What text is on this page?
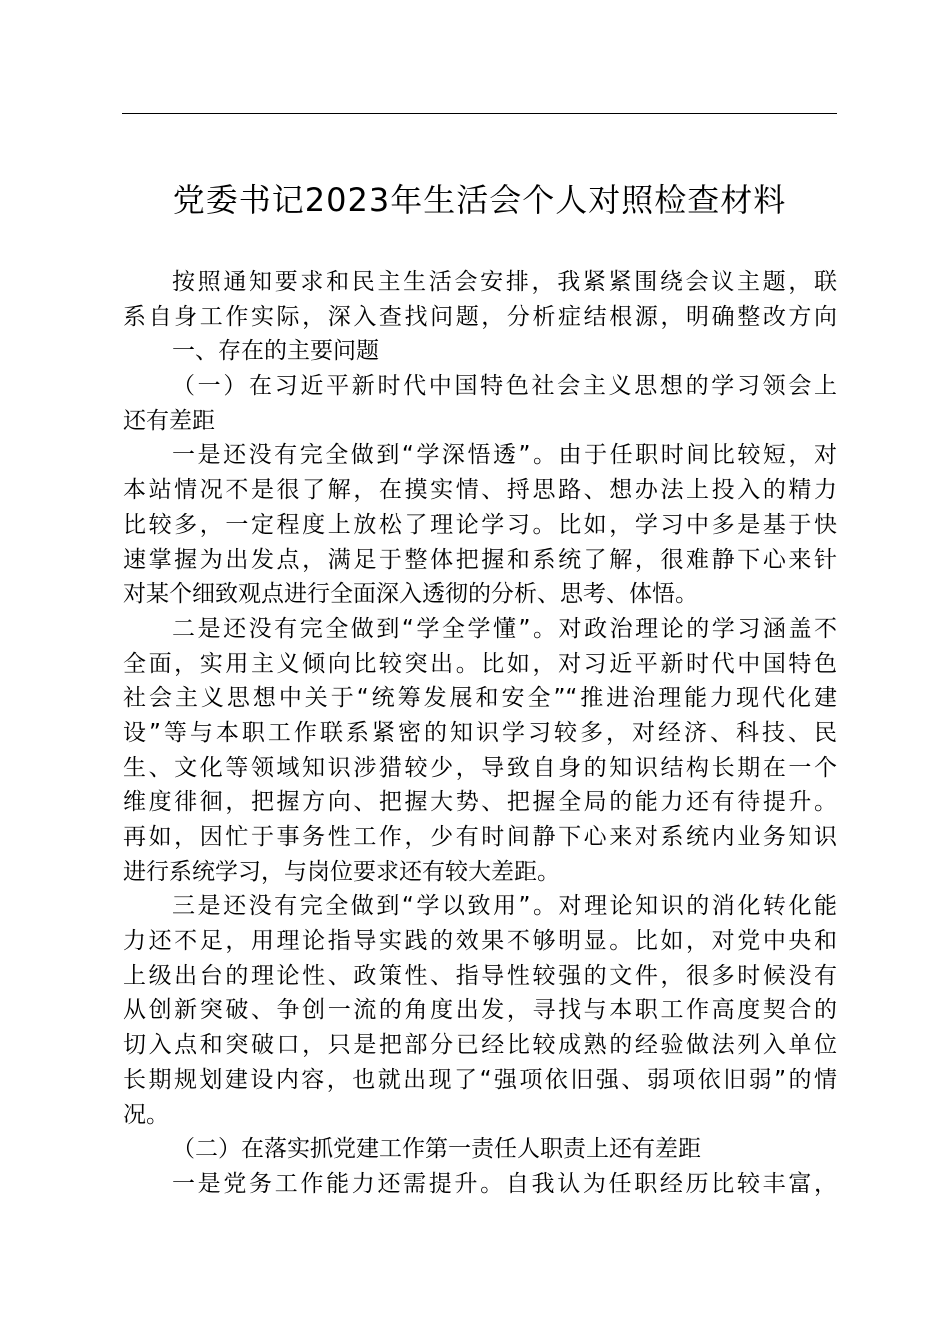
党委书记2023年生活会个人对照检查材料
按照通知要求和民主生活会安排，我紧紧围绕会议主题，联
系自身工作实际，深入查找问题，分析症结根源，明确整改方向
一、存在的主要问题
（一）在习近平新时代中国特色社会主义思想的学习领会上
还有差距
一是还没有完全做到“学深悟透”。由于任职时间比较短，对
本站情况不是很了解，在摸实情、捋思路、想办法上投入的精力
比较多，一定程度上放松了理论学习。比如，学习中多是基于快
速掌握为出发点，满足于整体把握和系统了解，很难静下心来针
对某个细致观点进行全面深入透彻的分析、思考、体悟。
二是还没有完全做到“学全学懂”。对政治理论的学习涵盖不
全面，实用主义倾向比较突出。比如，对习近平新时代中国特色
社会主义思想中关于“统筹发展和安全”“推进治理能力现代化建
设”等与本职工作联系紧密的知识学习较多，对经济、科技、民
生、文化等领域知识涉猎较少，导致自身的知识结构长期在一个
维度徘徊，把握方向、把握大势、把握全局的能力还有待提升。
再如，因忙于事务性工作，少有时间静下心来对系统内业务知识
进行系统学习，与岗位要求还有较大差距。
三是还没有完全做到“学以致用”。对理论知识的消化转化能
力还不足，用理论指导实践的效果不够明显。比如，对党中央和
上级出台的理论性、政策性、指导性较强的文件，很多时候没有
从创新突破、争创一流的角度出发，寻找与本职工作高度契合的
切入点和突破口，只是把部分已经比较成熟的经验做法列入单位
长期规划建设内容，也就出现了“强项依旧强、弱项依旧弱”的情
况。
（二）在落实抓党建工作第一责任人职责上还有差距
一是党务工作能力还需提升。自我认为任职经历比较丰富，
